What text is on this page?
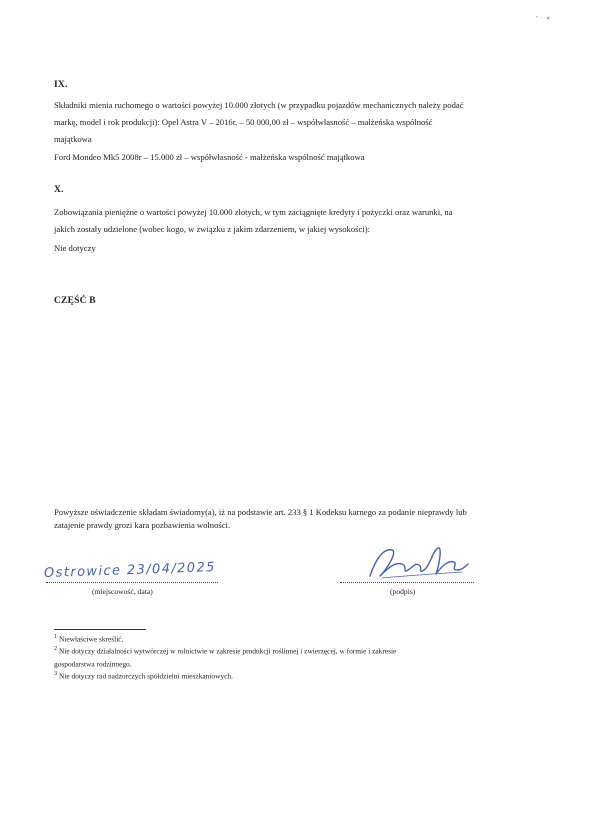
• · · ▴
IX.
Składniki mienia ruchomego o wartości powyżej 10.000 złotych (w przypadku pojazdów mechanicznych należy podać
markę, model i rok produkcji): Opel Astra V – 2016r. – 50 000,00 zł – współwłasność – małżeńska wspólność
majątkowa
Ford Mondeo Mk5 2008r – 15.000 zł – współwłasność - małżeńska wspólność majątkowa
X.
Zobowiązania pieniężne o wartości powyżej 10.000 złotych, w tym zaciągnięte kredyty i pożyczki oraz warunki, na
jakich zostały udzielone (wobec kogo, w związku z jakim zdarzeniem, w jakiej wysokości):
Nie dotyczy
CZĘŚĆ B
Powyższe oświadczenie składam świadomy(a), iż na podstawie art. 233 § 1 Kodeksu karnego za podanie nieprawdy lub
zatajenie prawdy grozi kara pozbawienia wolności.
Ostrowice 23/04/2025
(miejscowość, data)	(podpis)
$^1$ Niewłaściwe skreślić.
$^2$ Nie dotyczy działalności wytwórczej w rolnictwie w zakresie produkcji roślinnej i zwierzęcej, w formie i zakresie
gospodarstwa rodzinnego.
$^3$ Nie dotyczy rad nadzorczych spółdzielni mieszkaniowych.
